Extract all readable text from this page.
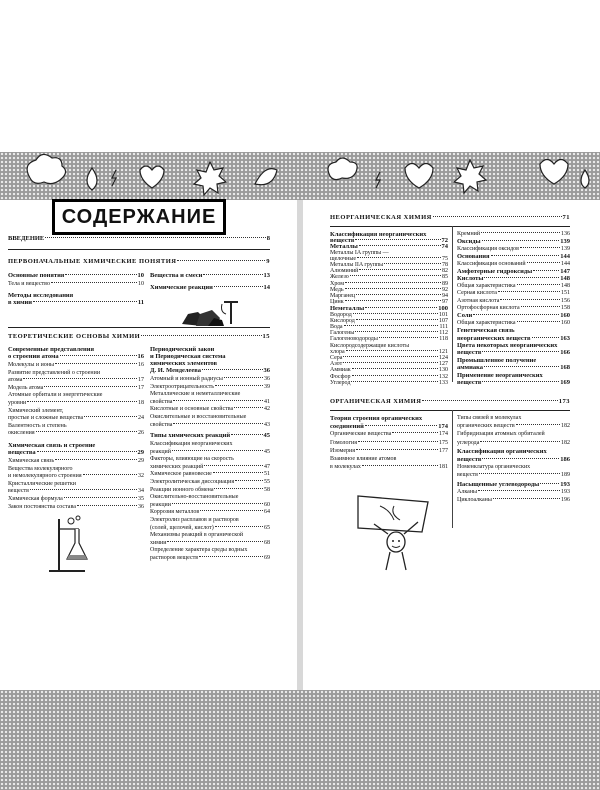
СОДЕРЖАНИЕ
ВВЕДЕНИЕ	8
ПЕРВОНАЧАЛЬНЫЕ ХИМИЧЕСКИЕ ПОНЯТИЯ	9
Основные понятия	10
Тела и вещество	10
Методы исследования
в химии	11
Вещества и смеси	13
Химические реакции	14
ТЕОРЕТИЧЕСКИЕ ОСНОВЫ ХИМИИ	15
Современные представления
о строении атома	16
Молекулы и ионы	16
Развитие представлений о строении
атома	17
Модель атома	17
Атомные орбитали и энергетические
уровни	18
Химический элемент,
простые и сложные вещества	24
Валентность и степень
окисления	26
Химическая связь и строение
вещества	29
Химическая связь	29
Вещества молекулярного
и немолекулярного строения	32
Кристаллические решетки
веществ	34
Химическая формула	35
Закон постоянства состава	36
Периодический закон
и Периодическая система
химических элементов
Д. И. Менделеева	36
Атомный и ионный радиусы	36
Электроотрицательность	39
Металлические и неметаллические
свойства	41
Кислотные и основные свойства	42
Окислительные и восстановительные
свойства	43
Типы химических реакций	45
Классификация неорганических
реакций	45
Факторы, влияющие на скорость
химических реакций	47
Химическое равновесие	51
Электролитическая диссоциация	55
Реакции ионного обмена	58
Окислительно-восстановительные
реакции	60
Коррозия металлов	64
Электролиз расплавов и растворов
(солей, щелочей, кислот)	65
Механизмы реакций в органической
химии	68
Определение характера среды водных
растворов веществ	69
НЕОРГАНИЧЕСКАЯ ХИМИЯ	71
Классификация неорганических
веществ	72
Металлы	74
Металлы IA группы —
щелочные	75
Металлы IIA группы	78
Алюминий	82
Железо	85
Хром	89
Медь	92
Марганец	94
Цинк	97
Неметаллы	100
Водород	101
Кислород	107
Вода	111
Галогены	112
Галогеноводороды	118
Кислородсодержащие кислоты
хлора	121
Сера	124
Азот	127
Аммиак	130
Фосфор	132
Углерод	133
Кремний	136
Оксиды	139
Классификация оксидов	139
Основания	144
Классификация оснований	144
Амфотерные гидроксиды	147
Кислоты	148
Общая характеристика	148
Серная кислота	151
Азотная кислота	156
Ортофосфорная кислота	158
Соли	160
Общая характеристика	160
Генетическая связь
неорганических веществ	163
Цвета некоторых неорганических
веществ	166
Промышленное получение
аммиака	168
Применение неорганических
веществ	169
ОРГАНИЧЕСКАЯ ХИМИЯ	173
Теория строения органических
соединений	174
Органические вещества	174
Гомология	175
Изомерия	177
Взаимное влияние атомов
в молекулах	181
Типы связей в молекулах
органических веществ	182
Гибридизация атомных орбиталей
углерода	182
Классификация органических
веществ	186
Номенклатура органических
веществ	189
Насыщенные углеводороды	193
Алканы	193
Циклоалканы	196
